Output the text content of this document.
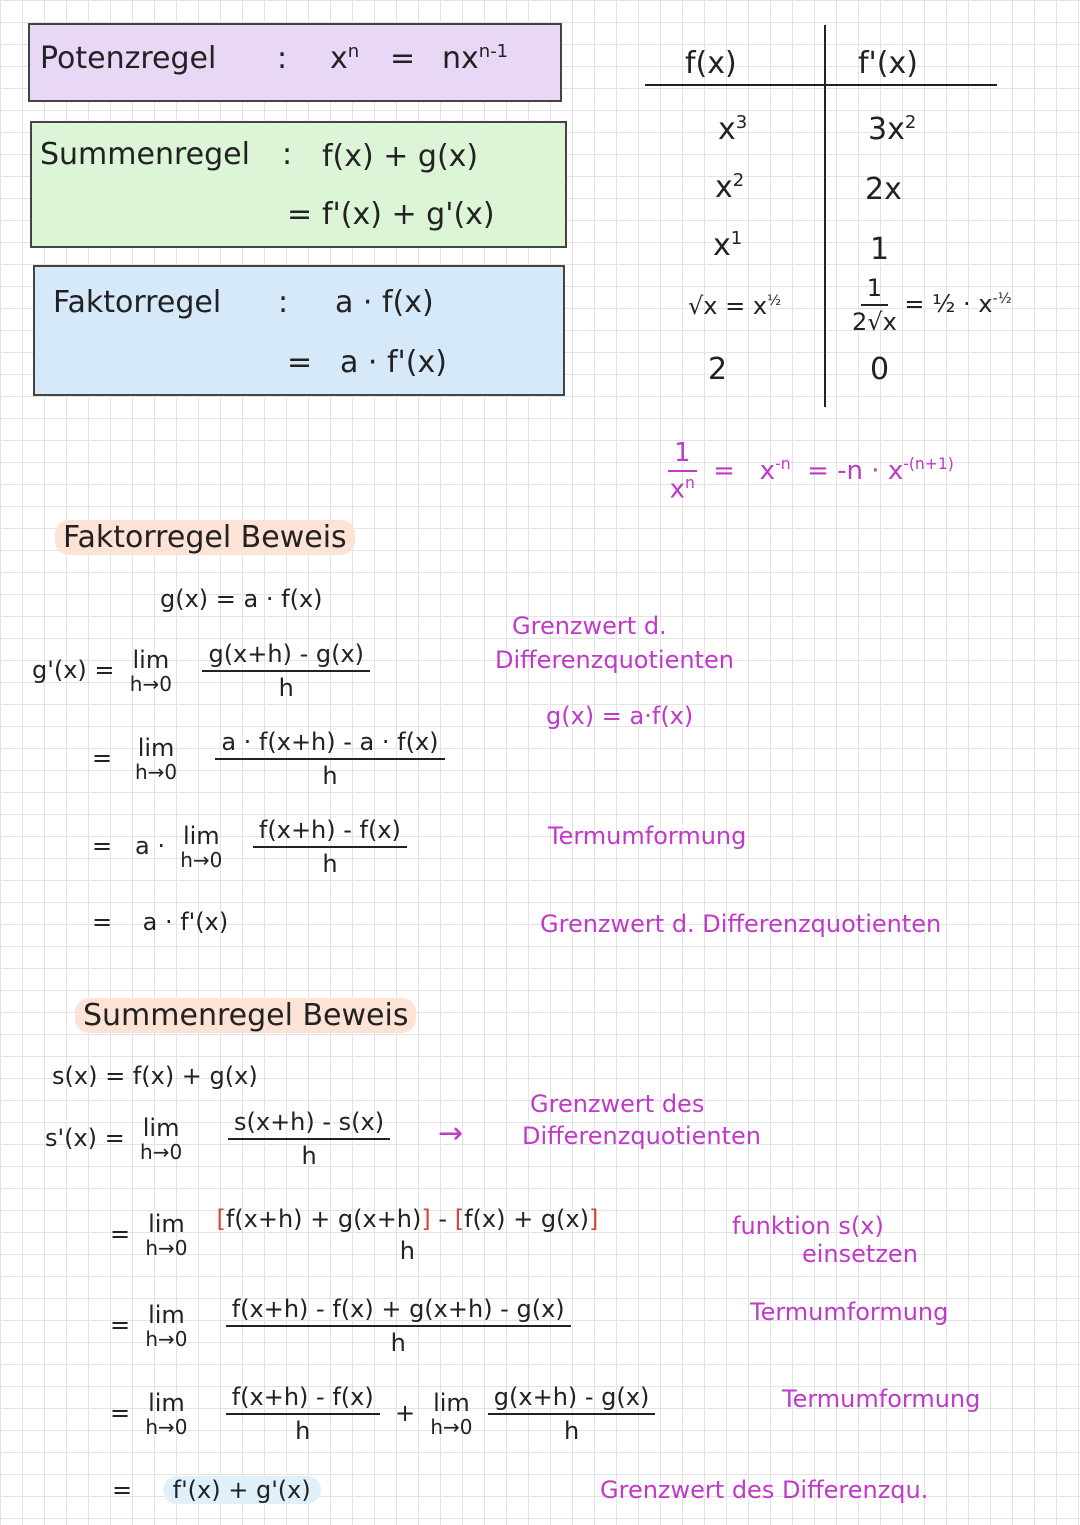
Potenzregel : $x^n = nx^{n-1}$
Summenregel : f(x) + g(x)
= f'(x) + g'(x)
Faktorregel : a · f(x)
= a · f'(x)
f(x)	f'(x)
$x^3$	$3x^2$
$x^2$	2x
$x^1$	1
$√x = x^{\frac{1}{2}}$	$\frac{1}{2√x}$ = ½ · $x^{-\frac{1}{2}}$
2	0
$\frac{1}{x^n} = x^{-n} = -n \cdot x^{-(n+1)}$
Faktorregel Beweis
g(x) = a · f(x)
g'(x) = lim
h→0
$\frac{g(x+h) - g(x)}{h}$
= lim
h→0
$\frac{a \cdot f(x+h) - a \cdot f(x)}{h}$
= a · lim
h→0
$\frac{f(x+h) - f(x)}{h}$
= a · f'(x)
Grenzwert d.
Differenzquotienten
g(x) = a·f(x)
Termumformung
Grenzwert d. Differenzquotienten
Summenregel Beweis
s(x) = f(x) + g(x)
s'(x) = lim
h→0
$\frac{s(x+h) - s(x)}{h}$ →
Grenzwert des
Differenzquotienten
= lim
h→0

[f(x+h) + g(x+h)] - [f(x) + g(x)]
h
funktion s(x)
einsetzen
= lim
h→0
$\frac{f(x+h) - f(x) + g(x+h) - g(x)}{h}$	Termumformung
= lim
h→0
$\frac{f(x+h) - f(x)}{h} + \lim$
h→0
$\frac{g(x+h) - g(x)}{h}$	Termumformung
= f'(x) + g'(x)	Grenzwert des Differenzqu.
